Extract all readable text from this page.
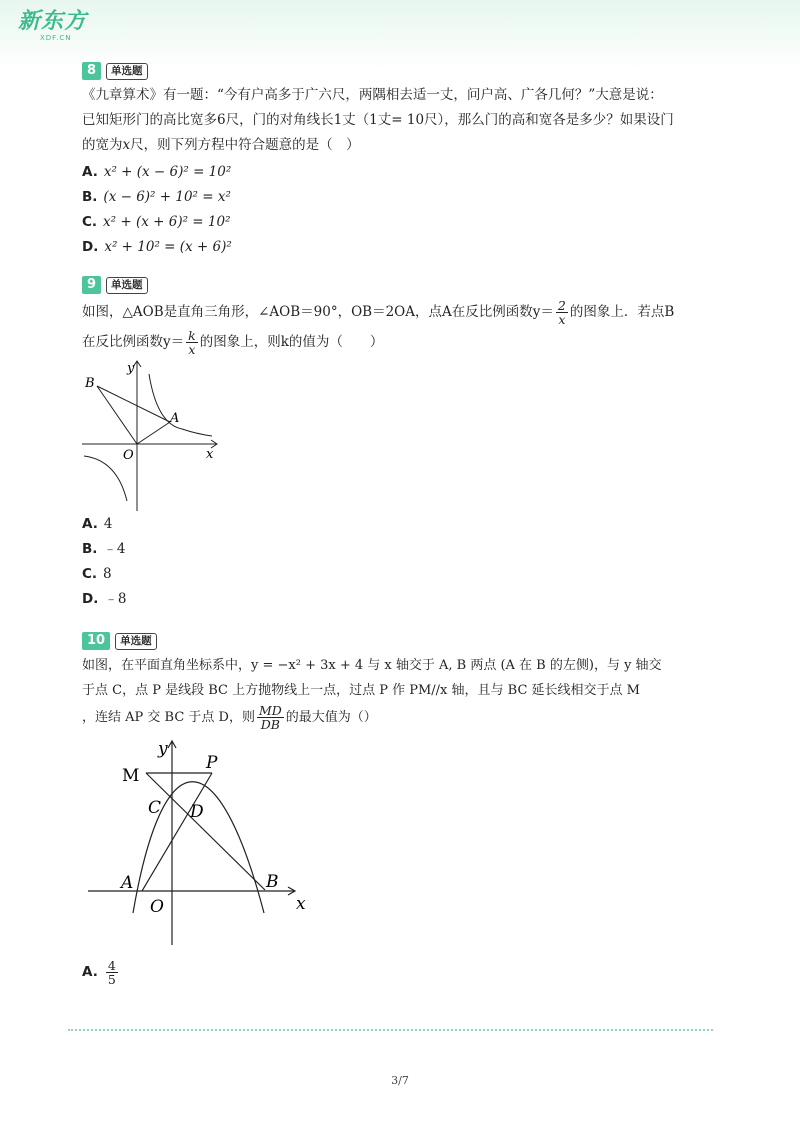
新东方
XDF.CN
8	单选题
《九章算术》有一题：“今有户高多于广六尺，两隅相去适一丈，问户高、广各几何？”大意是说：
已知矩形门的高比宽多6尺，门的对角线长1丈（1丈= 10尺），那么门的高和宽各是多少？如果设门
的宽为x尺，则下列方程中符合题意的是（　）
A. x² + (x − 6)² = 10²
B. (x − 6)² + 10² = x²
C. x² + (x + 6)² = 10²
D. x² + 10² = (x + 6)²
9	单选题
如图，△AOB是直角三角形，∠AOB＝90°，OB＝2OA，点A在反比例函数$y= \frac{2}{x}$ 的图象上．若点B
在反比例函数$y= \frac{k}{x}$ 的图象上，则k的值为（　　）
B
y
A
O	x
A. 4
B. ﹣4
C. 8
D. ﹣8
10	单选题
如图，在平面直角坐标系中，y = −x² + 3x + 4 与 x 轴交于 A, B 两点 (A 在 B 的左侧)，与 y 轴交
于点 C，点 P 是线段 BC 上方抛物线上一点，过点 P 作 PM//x 轴，且与 BC 延长线相交于点 M
，连结 AP 交 BC 于点 D，则 $\frac{MD}{DB}$ 的最大值为（）
M
y
P
C D
A	B
O	x
A. $\frac{4}{5}$
3/7
